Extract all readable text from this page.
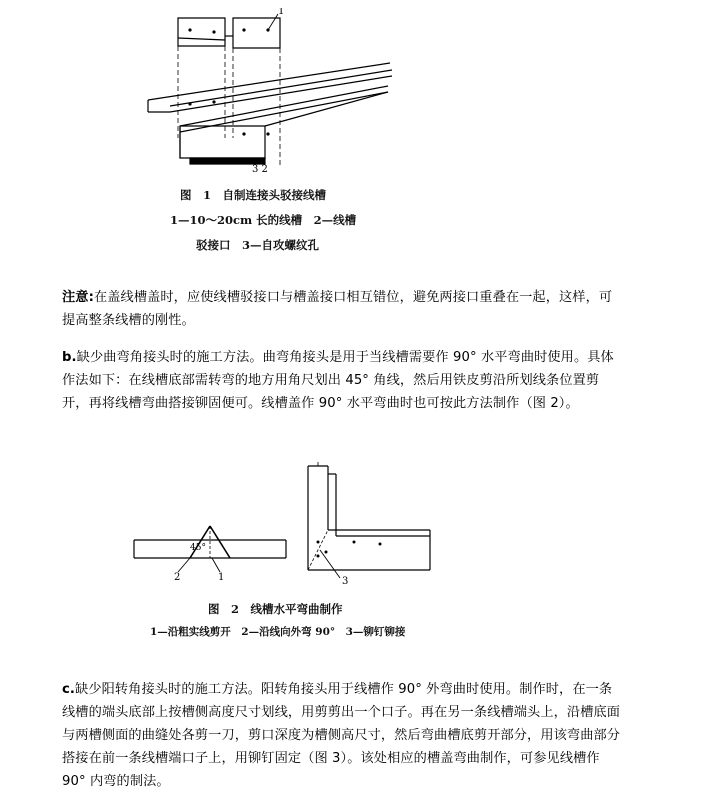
1
3 2
图　1　自制连接头驳接线槽
1—10～20cm 长的线槽　2—线槽
驳接口　3—自攻螺纹孔
注意:在盖线槽盖时，应使线槽驳接口与槽盖接口相互错位，避免两接口重叠在一起，这样，可提高整条线槽的刚性。
b.缺少曲弯角接头时的施工方法。曲弯角接头是用于当线槽需要作 90° 水平弯曲时使用。具体作法如下：在线槽底部需转弯的地方用角尺划出 45° 角线，然后用铁皮剪沿所划线条位置剪开，再将线槽弯曲搭接铆固便可。线槽盖作 90° 水平弯曲时也可按此方法制作（图 2）。
45°
2	1	3
图　2　线槽水平弯曲制作
1—沿粗实线剪开　2—沿线向外弯 90°　3—铆钉铆接
c.缺少阳转角接头时的施工方法。阳转角接头用于线槽作 90° 外弯曲时使用。制作时，在一条线槽的端头底部上按槽侧高度尺寸划线，用剪剪出一个口子。再在另一条线槽端头上，沿槽底面与两槽侧面的曲缝处各剪一刀，剪口深度为槽侧高尺寸，然后弯曲槽底剪开部分，用该弯曲部分搭接在前一条线槽端口子上，用铆钉固定（图 3）。该处相应的槽盖弯曲制作，可参见线槽作 90° 内弯的制法。
